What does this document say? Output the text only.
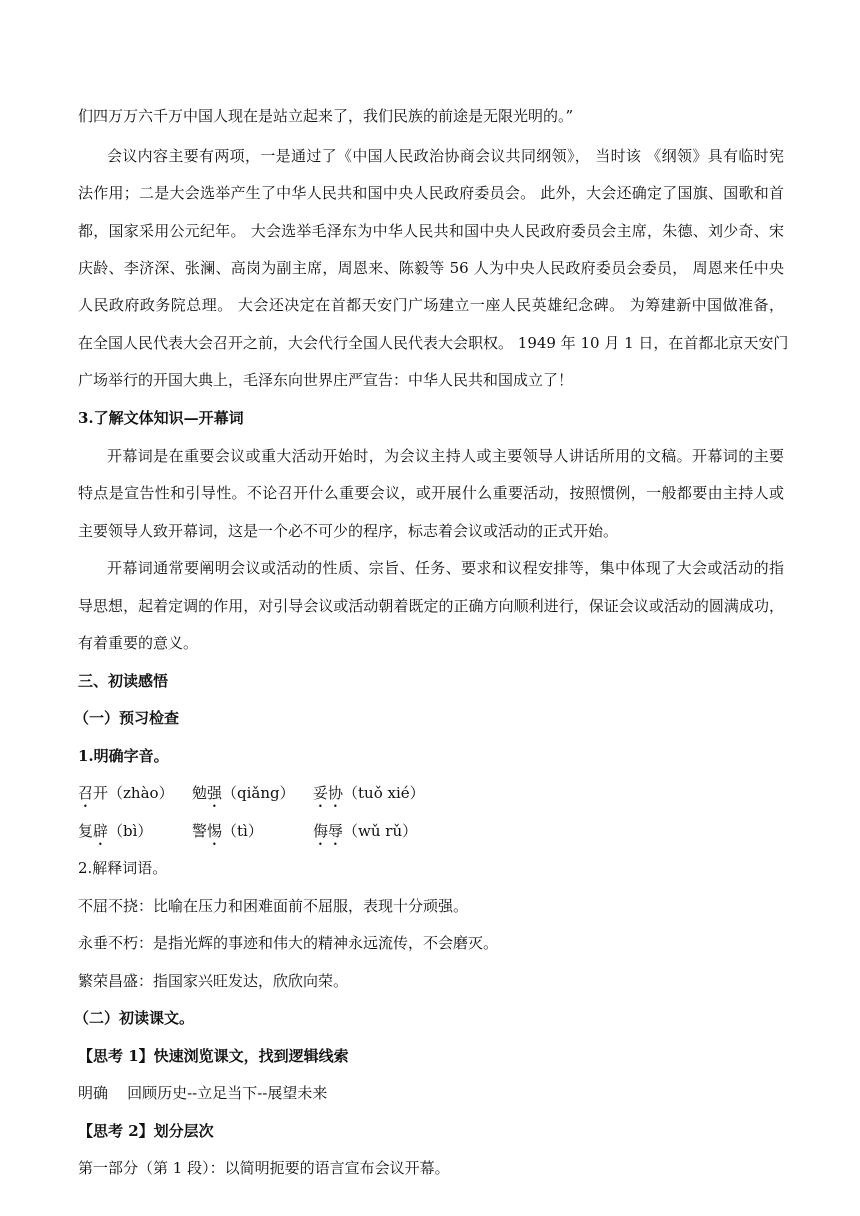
们四万万六千万中国人现在是站立起来了，我们民族的前途是无限光明的。”
会议内容主要有两项，一是通过了《中国人民政治协商会议共同纲领》， 当时该 《纲领》具有临时宪
法作用；二是大会选举产生了中华人民共和国中央人民政府委员会。 此外，大会还确定了国旗、国歌和首
都，国家采用公元纪年。 大会选举毛泽东为中华人民共和国中央人民政府委员会主席，朱德、刘少奇、宋
庆龄、李济深、张澜、高岗为副主席，周恩来、陈毅等 56 人为中央人民政府委员会委员， 周恩来任中央
人民政府政务院总理。 大会还决定在首都天安门广场建立一座人民英雄纪念碑。 为筹建新中国做准备，
在全国人民代表大会召开之前，大会代行全国人民代表大会职权。 1949 年 10 月 1 日，在首都北京天安门
广场举行的开国大典上，毛泽东向世界庄严宣告：中华人民共和国成立了！
3.了解文体知识—开幕词
开幕词是在重要会议或重大活动开始时，为会议主持人或主要领导人讲话所用的文稿。开幕词的主要
特点是宣告性和引导性。不论召开什么重要会议，或开展什么重要活动，按照惯例，一般都要由主持人或
主要领导人致开幕词，这是一个必不可少的程序，标志着会议或活动的正式开始。
开幕词通常要阐明会议或活动的性质、宗旨、任务、要求和议程安排等，集中体现了大会或活动的指
导思想，起着定调的作用，对引导会议或活动朝着既定的正确方向顺利进行，保证会议或活动的圆满成功，
有着重要的意义。
三、初读感悟
（一）预习检查
1.明确字音。
召开（zhào） 勉强（qiǎng） 妥协（tuǒ xié）
复辟（bì）	警惕（tì）	侮辱（wǔ rǔ）
2.解释词语。
不屈不挠：比喻在压力和困难面前不屈服，表现十分顽强。
永垂不朽：是指光辉的事迹和伟大的精神永远流传，不会磨灭。
繁荣昌盛：指国家兴旺发达，欣欣向荣。
（二）初读课文。
【思考 1】快速浏览课文，找到逻辑线索
明确    回顾历史--立足当下--展望未来
【思考 2】划分层次
第一部分（第 1 段）：以简明扼要的语言宣布会议开幕。
